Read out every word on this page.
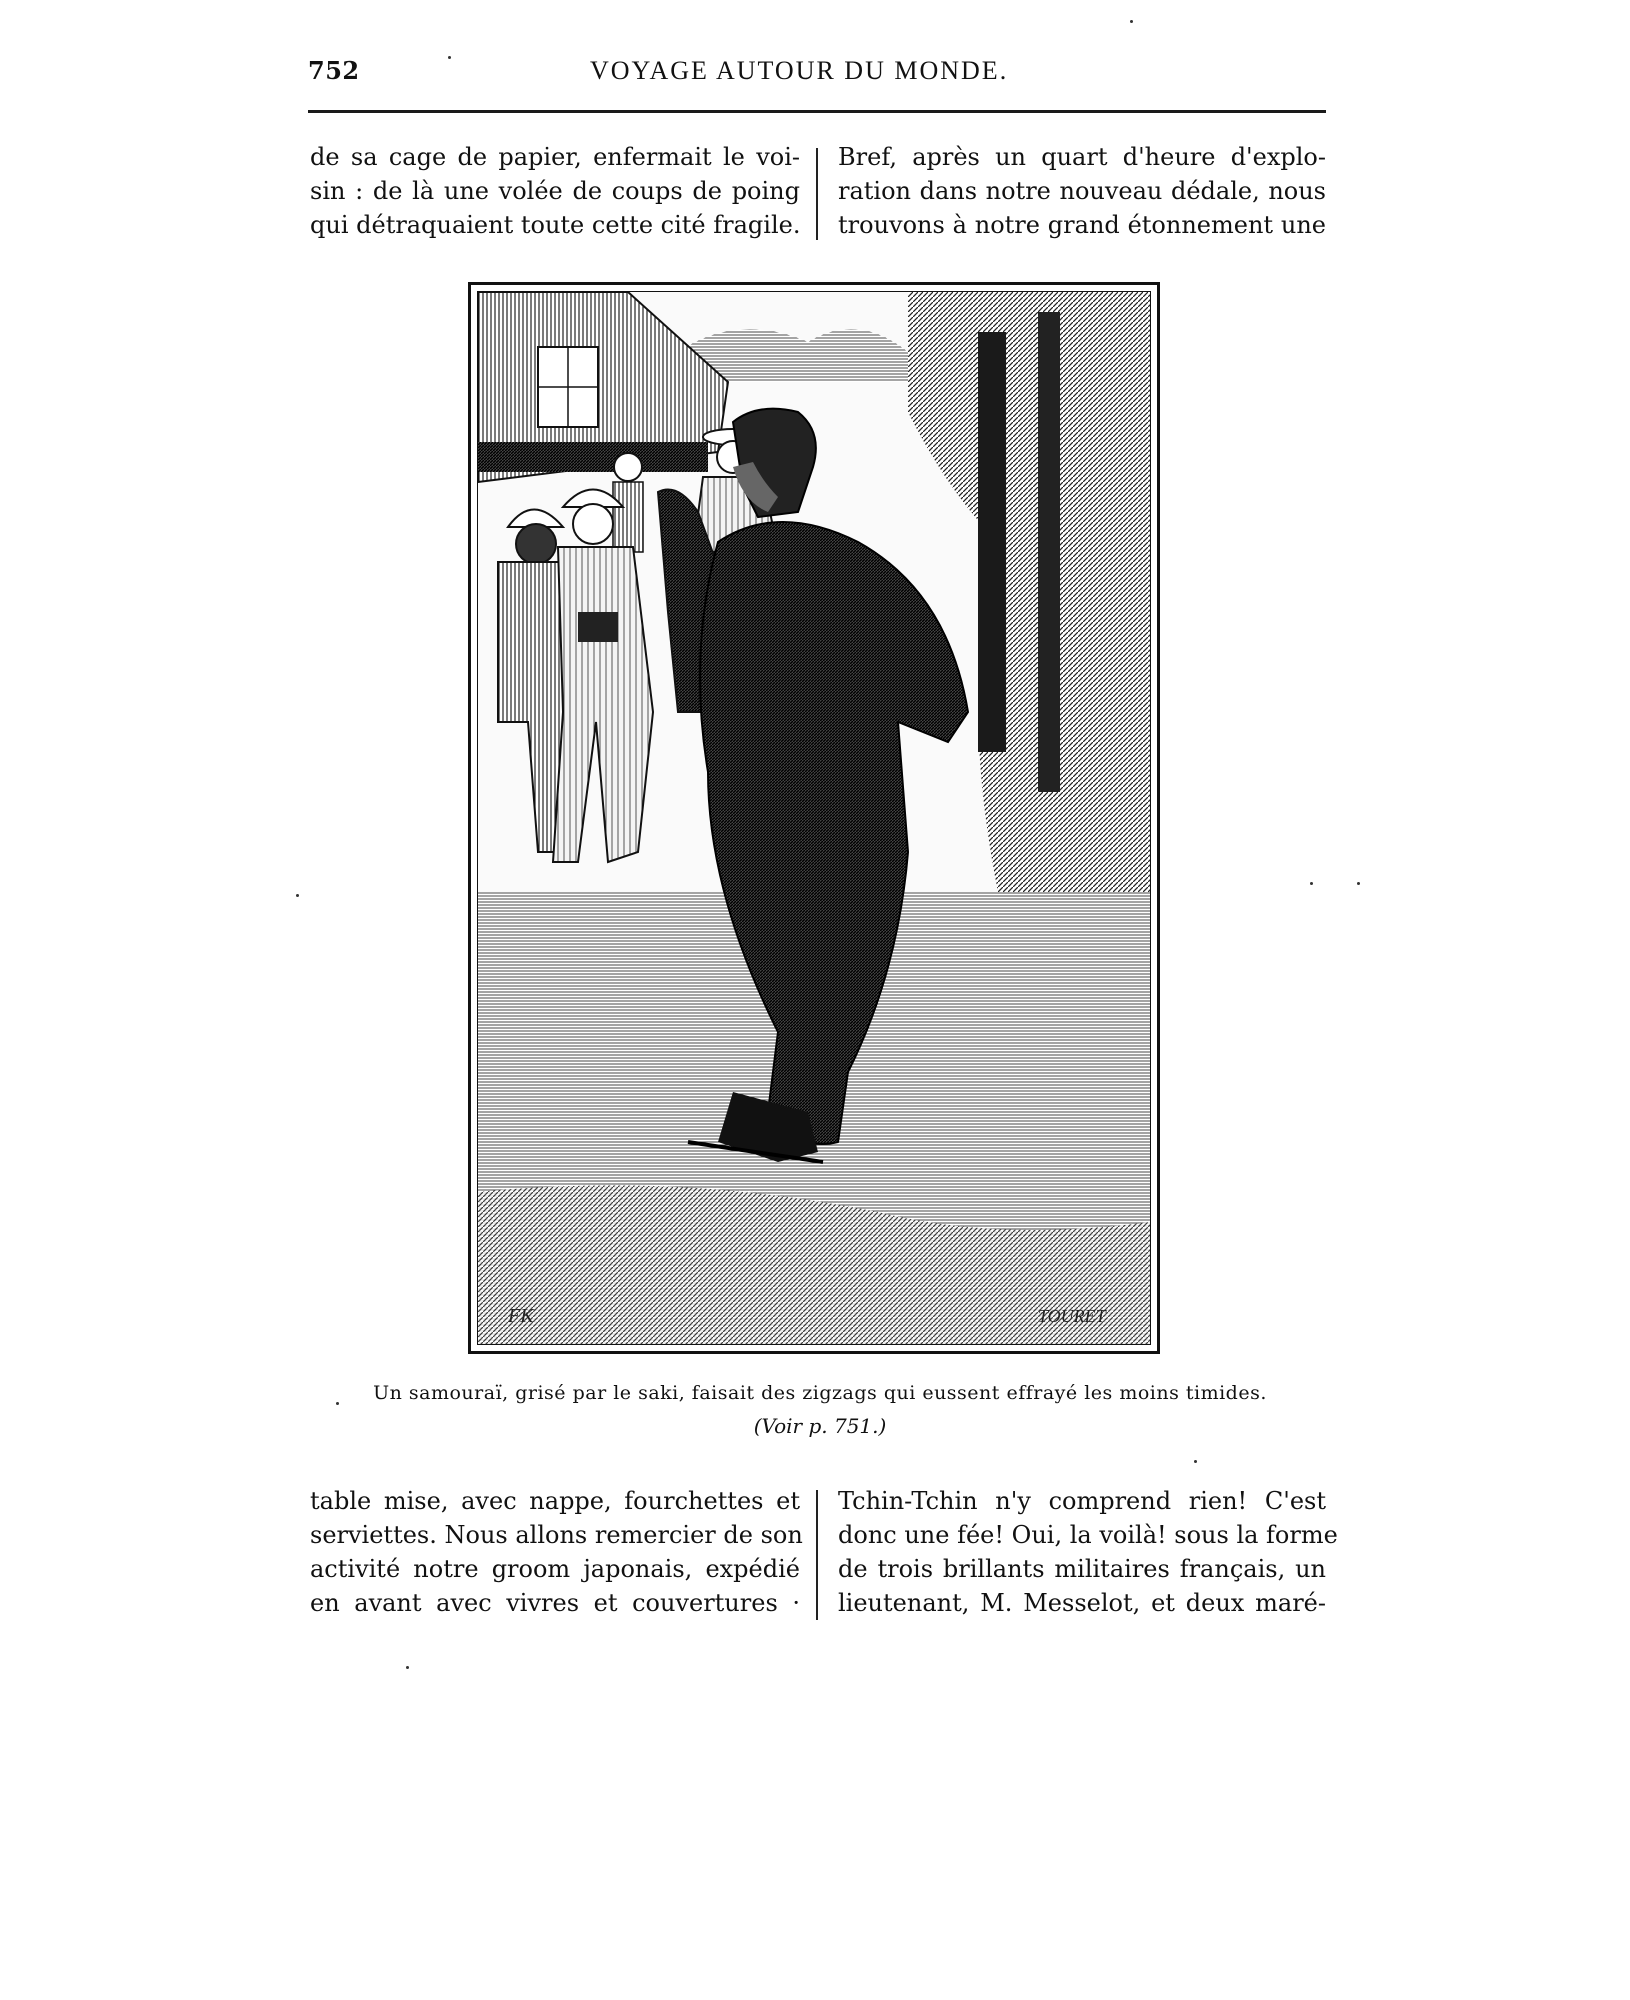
752	VOYAGE AUTOUR DU MONDE.
de sa cage de papier, enfermait le voi-
sin : de là une volée de coups de poing
qui détraquaient toute cette cité fragile.
Bref, après un quart d'heure d'explo-
ration dans notre nouveau dédale, nous
trouvons à notre grand étonnement une
FK	TOURET
Un samouraï, grisé par le saki, faisait des zigzags qui eussent effrayé les moins timides.
(Voir p. 751.)
table mise, avec nappe, fourchettes et
serviettes. Nous allons remercier de son
activité notre groom japonais, expédié
en avant avec vivres et couvertures ·
Tchin-Tchin n'y comprend rien! C'est
donc une fée! Oui, la voilà! sous la forme
de trois brillants militaires français, un
lieutenant, M. Messelot, et deux maré-
